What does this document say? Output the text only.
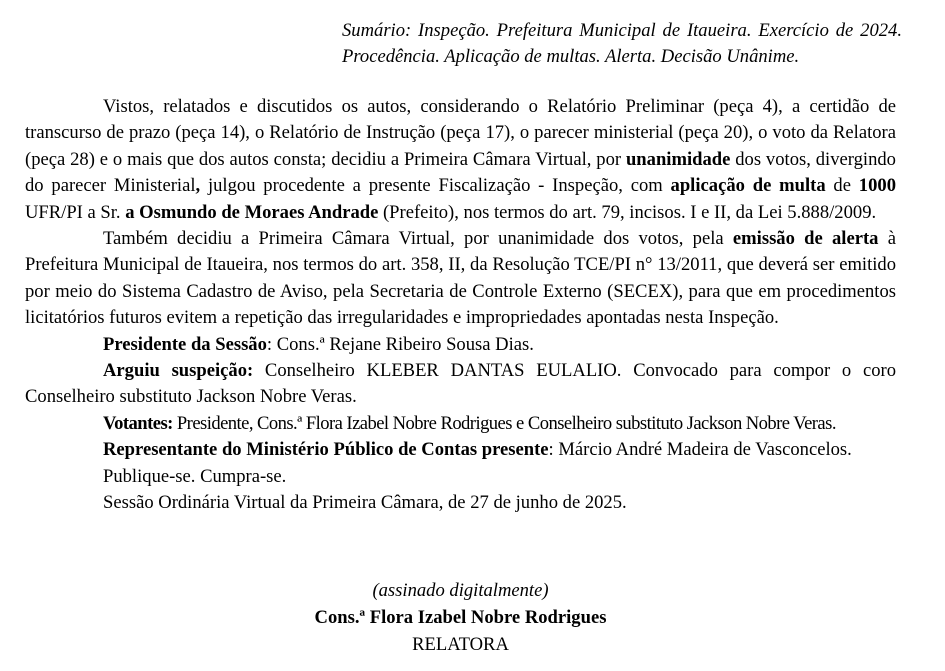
Sumário: Inspeção. Prefeitura Municipal de Itaueira. Exercício de 2024. Procedência. Aplicação de multas. Alerta. Decisão Unânime.

Vistos, relatados e discutidos os autos, considerando o Relatório Preliminar (peça 4), a certidão de transcurso de prazo (peça 14), o Relatório de Instrução (peça 17), o parecer ministerial (peça 20), o voto da Relatora (peça 28) e o mais que dos autos consta; decidiu a Primeira Câmara Virtual, por unanimidade dos votos, divergindo do parecer Ministerial, julgou procedente a presente Fiscalização - Inspeção, com aplicação de multa de 1000 UFR/PI a Sr. a Osmundo de Moraes Andrade (Prefeito), nos termos do art. 79, incisos. I e II, da Lei 5.888/2009.

Também decidiu a Primeira Câmara Virtual, por unanimidade dos votos, pela emissão de alerta à Prefeitura Municipal de Itaueira, nos termos do art. 358, II, da Resolução TCE/PI n° 13/2011, que deverá ser emitido por meio do Sistema Cadastro de Aviso, pela Secretaria de Controle Externo (SECEX), para que em procedimentos licitatórios futuros evitem a repetição das irregularidades e impropriedades apontadas nesta Inspeção.

Presidente da Sessão: Cons.ª Rejane Ribeiro Sousa Dias.

Arguiu suspeição: Conselheiro KLEBER DANTAS EULALIO. Convocado para compor o coro Conselheiro substituto Jackson Nobre Veras.

Votantes: Presidente, Cons.ª Flora Izabel Nobre Rodrigues e Conselheiro substituto Jackson Nobre Veras.

Representante do Ministério Público de Contas presente: Márcio André Madeira de Vasconcelos.

Publique-se. Cumpra-se.

Sessão Ordinária Virtual da Primeira Câmara, de 27 de junho de 2025.

(assinado digitalmente)
Cons.ª Flora Izabel Nobre Rodrigues
RELATORA
